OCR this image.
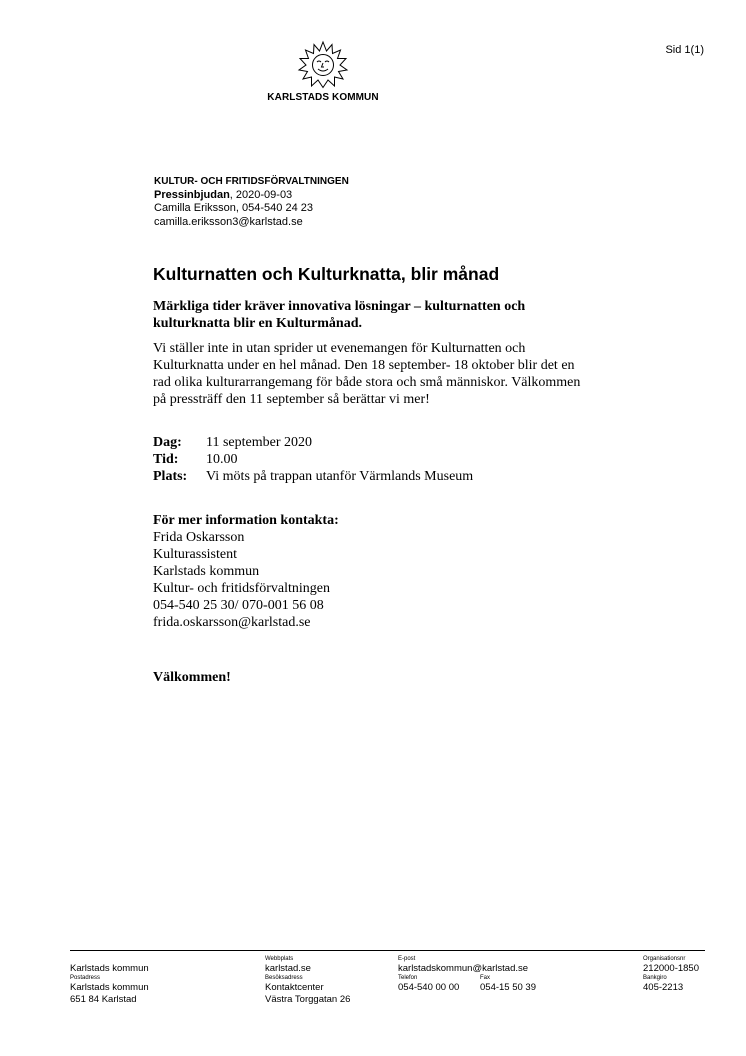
Sid 1(1)
KARLSTADS KOMMUN
KULTUR- OCH FRITIDSFÖRVALTNINGEN
Pressinbjudan, 2020-09-03
Camilla Eriksson, 054-540 24 23
camilla.eriksson3@karlstad.se
Kulturnatten och Kulturknatta, blir månad
Märkliga tider kräver innovativa lösningar – kulturnatten och
kulturknatta blir en Kulturmånad.
Vi ställer inte in utan sprider ut evenemangen för Kulturnatten och
Kulturknatta under en hel månad. Den 18 september- 18 oktober blir det en
rad olika kulturarrangemang för både stora och små människor. Välkommen
på pressträff den 11 september så berättar vi mer!
Dag:	11 september 2020
Tid:	10.00
Plats:	Vi möts på trappan utanför Värmlands Museum
För mer information kontakta:
Frida Oskarsson
Kulturassistent
Karlstads kommun
Kultur- och fritidsförvaltningen
054-540 25 30/ 070-001 56 08
frida.oskarsson@karlstad.se
Välkommen!
Karlstads kommun
Postadress
Karlstads kommun
651 84 Karlstad
Webbplats
karlstad.se
Besöksadress
Kontaktcenter
Västra Torggatan 26
E-post
karlstadskommun@karlstad.se
Telefon
054-540 00 00
Fax
054-15 50 39
Organisationsnr
212000-1850
Bankgiro
405-2213
